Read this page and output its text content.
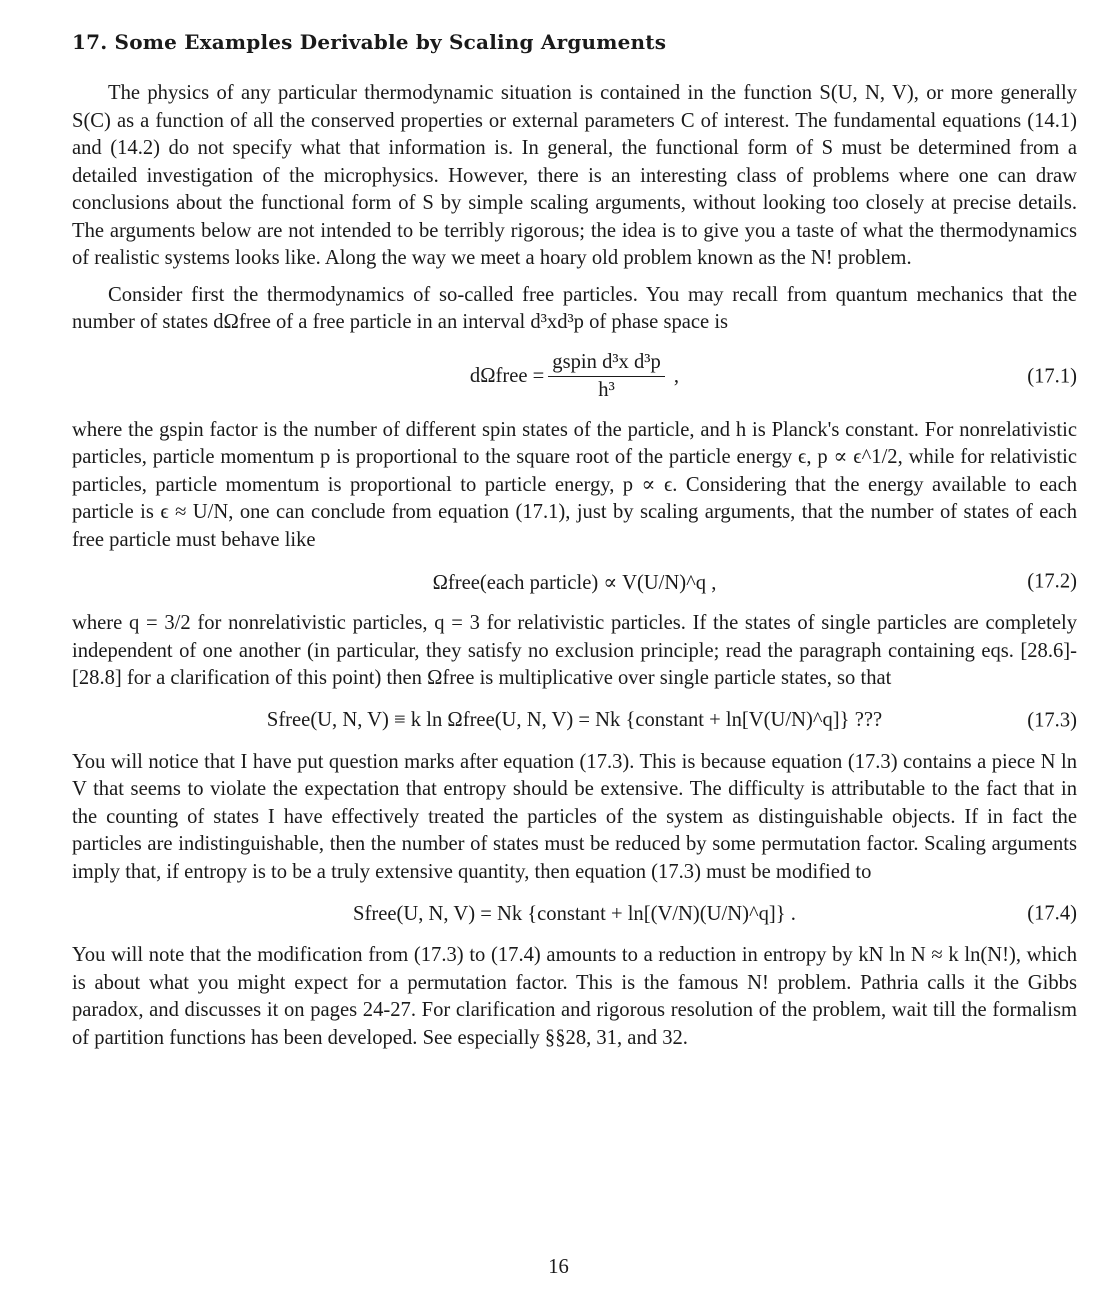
17. Some Examples Derivable by Scaling Arguments

The physics of any particular thermodynamic situation is contained in the function S(U, N, V), or more generally S(C) as a function of all the conserved properties or external parameters C of interest. The fundamental equations (14.1) and (14.2) do not specify what that information is. In general, the functional form of S must be determined from a detailed investigation of the microphysics. However, there is an interesting class of problems where one can draw conclusions about the functional form of S by simple scaling arguments, without looking too closely at precise details. The arguments below are not intended to be terribly rigorous; the idea is to give you a taste of what the thermodynamics of realistic systems looks like. Along the way we meet a hoary old problem known as the N! problem.

Consider first the thermodynamics of so-called free particles. You may recall from quantum mechanics that the number of states dΩfree of a free particle in an interval d³xd³p of phase space is

dΩfree = $\frac{\text{gspin d³x d³p}}{\text{h³}}$ ,	(17.1)

where the gspin factor is the number of different spin states of the particle, and h is Planck's constant. For nonrelativistic particles, particle momentum p is proportional to the square root of the particle energy ϵ, p ∝ ϵ^1/2, while for relativistic particles, particle momentum is proportional to particle energy, p ∝ ϵ. Considering that the energy available to each particle is ϵ ≈ U/N, one can conclude from equation (17.1), just by scaling arguments, that the number of states of each free particle must behave like

Ωfree(each particle) ∝ V(U/N)^q ,	(17.2)

where q = 3/2 for nonrelativistic particles, q = 3 for relativistic particles. If the states of single particles are completely independent of one another (in particular, they satisfy no exclusion principle; read the paragraph containing eqs. [28.6]-[28.8] for a clarification of this point) then Ωfree is multiplicative over single particle states, so that

Sfree(U, N, V) ≡ k ln Ωfree(U, N, V) = Nk {constant + ln[V(U/N)^q]} ???	(17.3)

You will notice that I have put question marks after equation (17.3). This is because equation (17.3) contains a piece N ln V that seems to violate the expectation that entropy should be extensive. The difficulty is attributable to the fact that in the counting of states I have effectively treated the particles of the system as distinguishable objects. If in fact the particles are indistinguishable, then the number of states must be reduced by some permutation factor. Scaling arguments imply that, if entropy is to be a truly extensive quantity, then equation (17.3) must be modified to

Sfree(U, N, V) = Nk {constant + ln[(V/N)(U/N)^q]} .	(17.4)

You will note that the modification from (17.3) to (17.4) amounts to a reduction in entropy by kN ln N ≈ k ln(N!), which is about what you might expect for a permutation factor. This is the famous N! problem. Pathria calls it the Gibbs paradox, and discusses it on pages 24-27. For clarification and rigorous resolution of the problem, wait till the formalism of partition functions has been developed. See especially §§28, 31, and 32.

16
